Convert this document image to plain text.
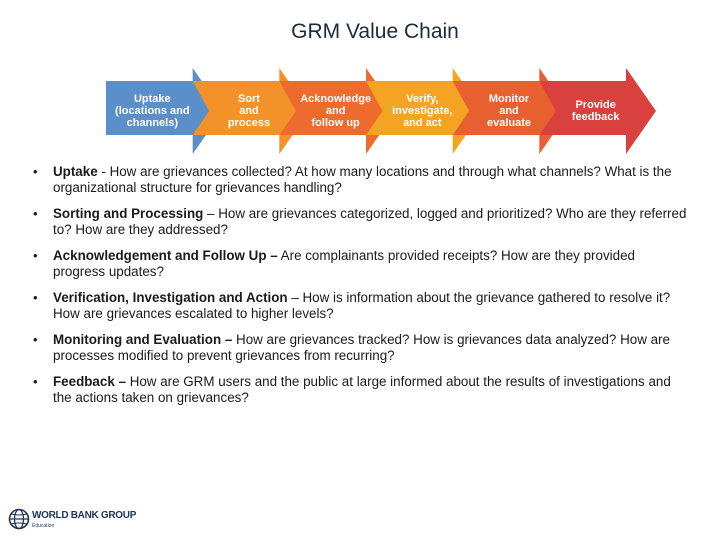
GRM Value Chain
Uptake
(locations and
channels)
Sort
and
process
Acknowledge
and
follow up
Verify,
investigate,
and act
Monitor
and
evaluate
Provide
feedback
• Uptake - How are grievances collected? At how many locations and through what channels? What is the organizational structure for grievances handling?
• Sorting and Processing – How are grievances categorized, logged and prioritized? Who are they referred to? How are they addressed?
• Acknowledgement and Follow Up – Are complainants provided receipts? How are they provided progress updates?
• Verification, Investigation and Action – How is information about the grievance gathered to resolve it? How are grievances escalated to higher levels?
• Monitoring and Evaluation – How are grievances tracked? How is grievances data analyzed? How are processes modified to prevent grievances from recurring?
• Feedback – How are GRM users and the public at large informed about the results of investigations and the actions taken on grievances?
WORLD BANK GROUP
Education
